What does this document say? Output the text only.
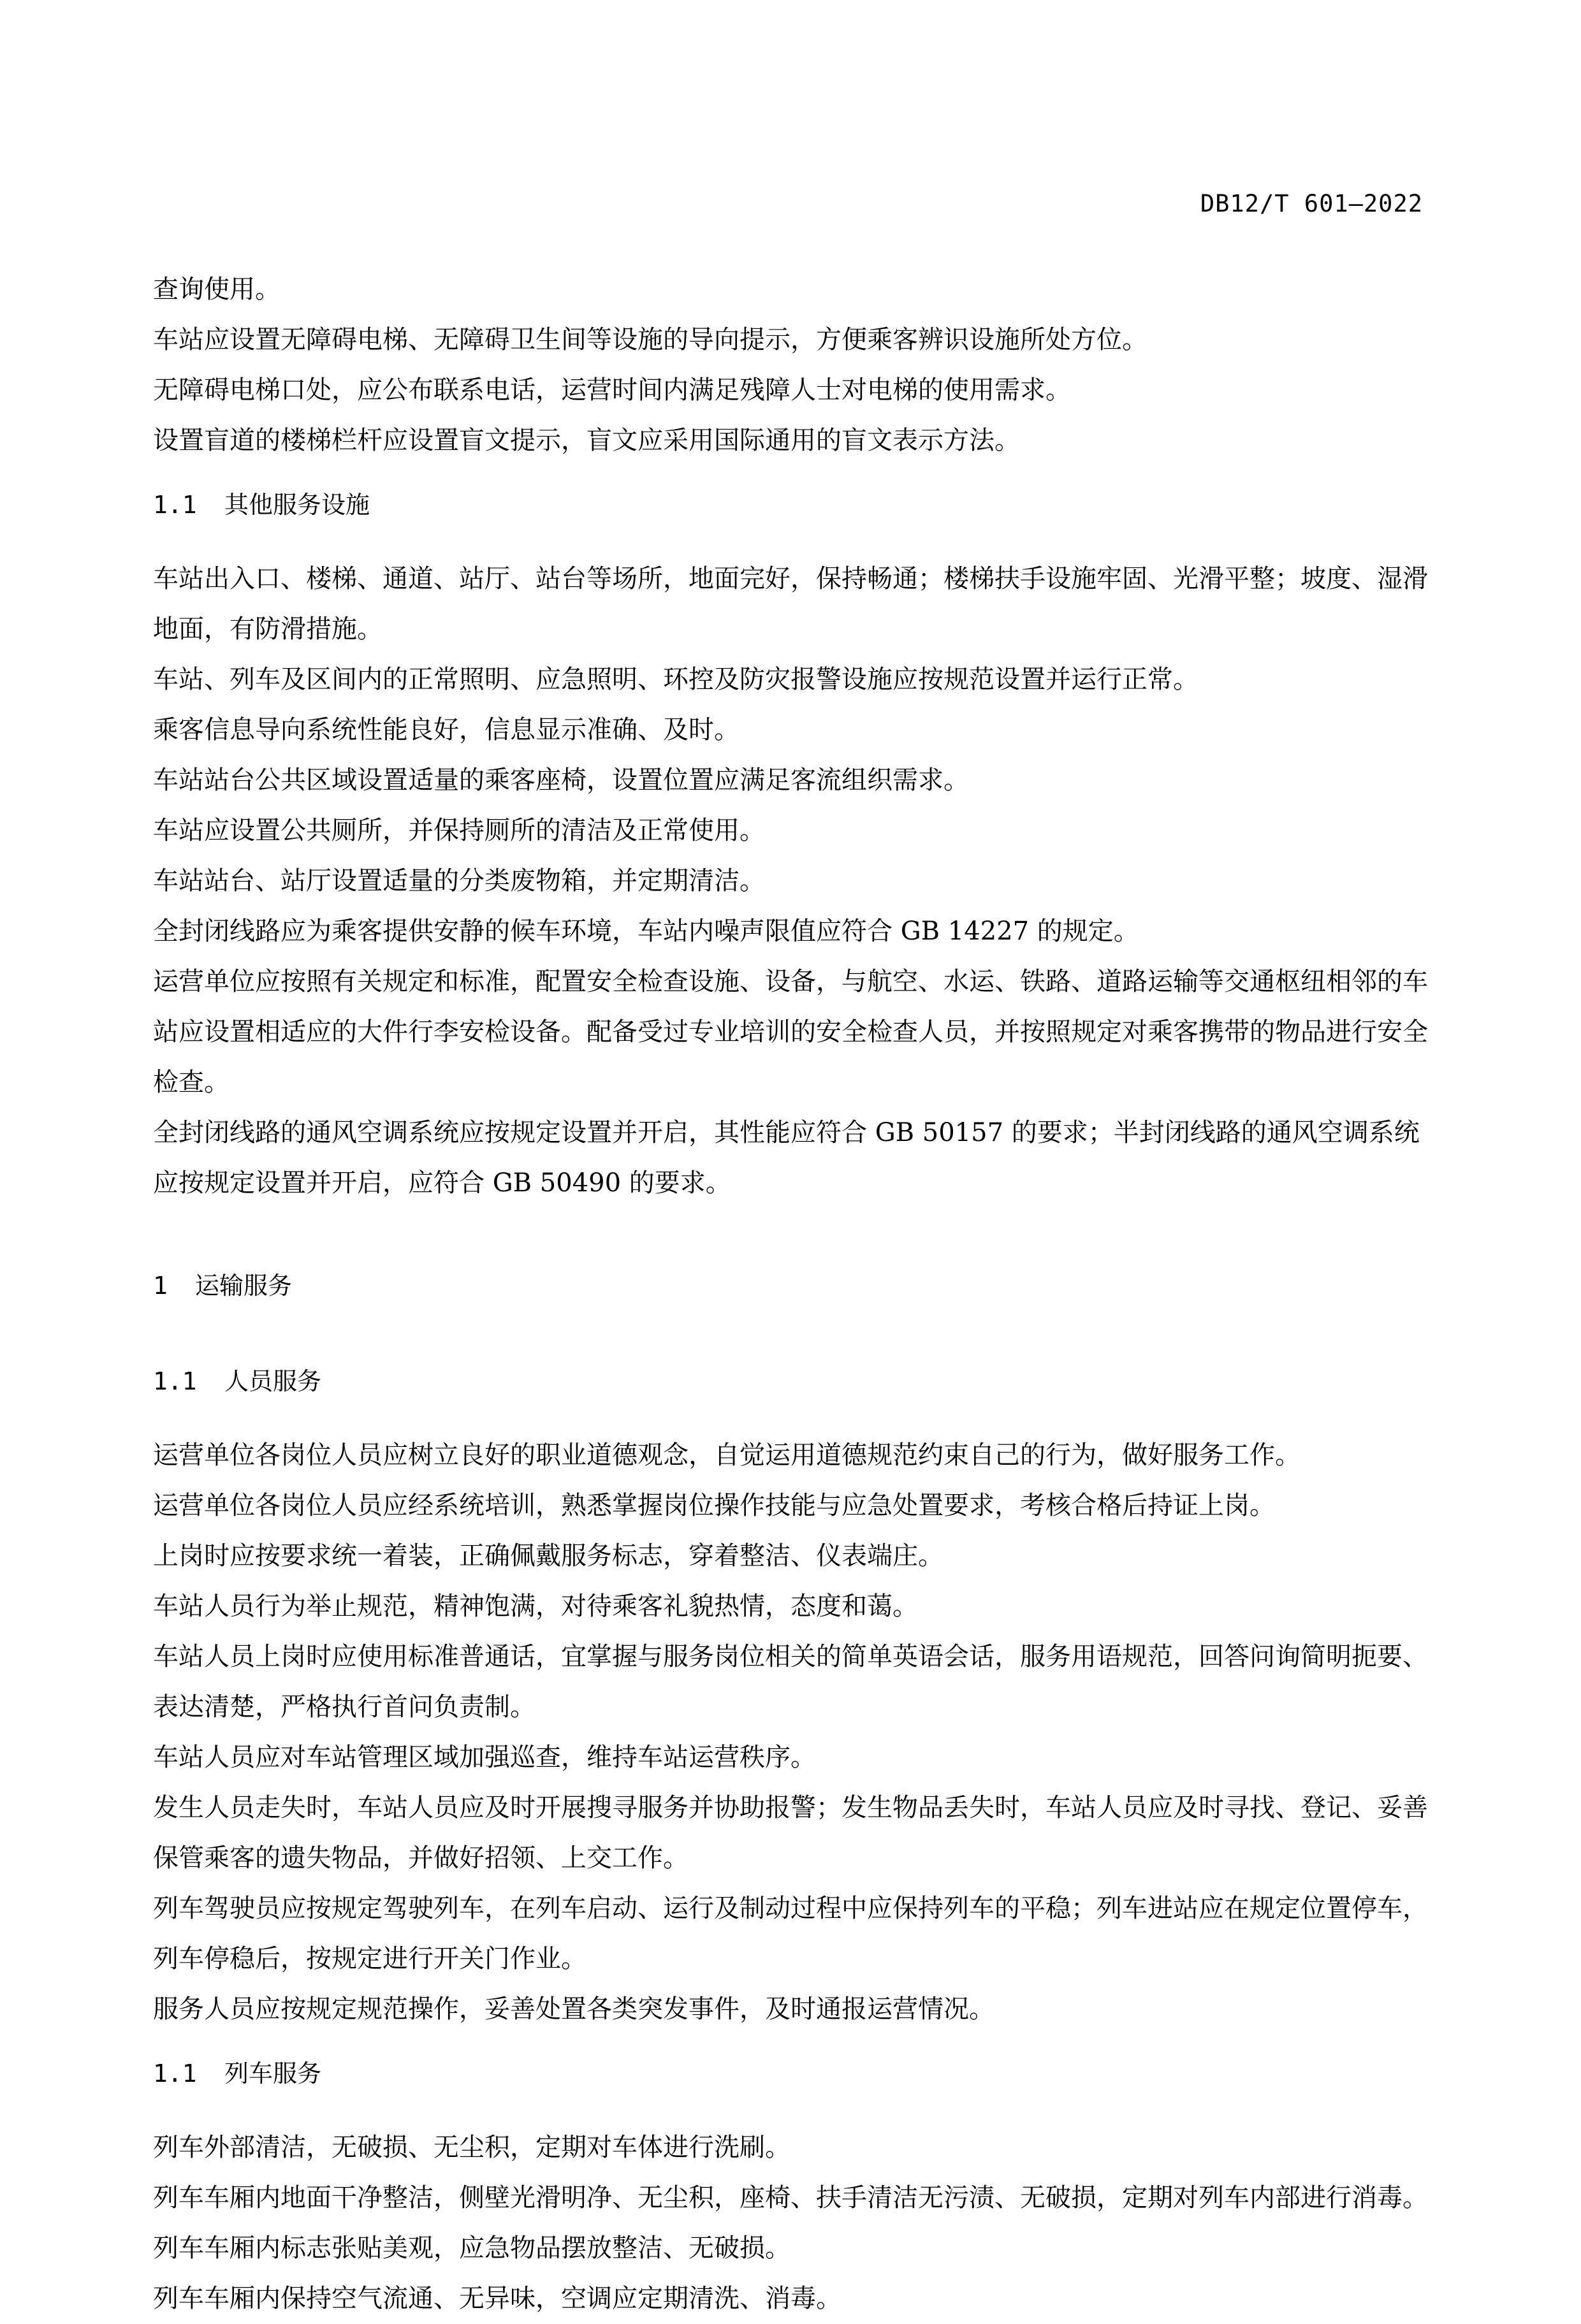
DB12/T 601—2022

查询使用。

车站应设置无障碍电梯、无障碍卫生间等设施的导向提示，方便乘客辨识设施所处方位。

无障碍电梯口处，应公布联系电话，运营时间内满足残障人士对电梯的使用需求。

设置盲道的楼梯栏杆应设置盲文提示，盲文应采用国际通用的盲文表示方法。

1.1	其他服务设施

车站出入口、楼梯、通道、站厅、站台等场所，地面完好，保持畅通；楼梯扶手设施牢固、光滑平整；坡度、湿滑地面，有防滑措施。

车站、列车及区间内的正常照明、应急照明、环控及防灾报警设施应按规范设置并运行正常。

乘客信息导向系统性能良好，信息显示准确、及时。

车站站台公共区域设置适量的乘客座椅，设置位置应满足客流组织需求。

车站应设置公共厕所，并保持厕所的清洁及正常使用。

车站站台、站厅设置适量的分类废物箱，并定期清洁。

全封闭线路应为乘客提供安静的候车环境，车站内噪声限值应符合 GB 14227 的规定。

运营单位应按照有关规定和标准，配置安全检查设施、设备，与航空、水运、铁路、道路运输等交通枢纽相邻的车站应设置相适应的大件行李安检设备。配备受过专业培训的安全检查人员，并按照规定对乘客携带的物品进行安全检查。

全封闭线路的通风空调系统应按规定设置并开启，其性能应符合 GB 50157 的要求；半封闭线路的通风空调系统应按规定设置并开启，应符合 GB 50490 的要求。

1	运输服务
1.1	人员服务

运营单位各岗位人员应树立良好的职业道德观念，自觉运用道德规范约束自己的行为，做好服务工作。

运营单位各岗位人员应经系统培训，熟悉掌握岗位操作技能与应急处置要求，考核合格后持证上岗。

上岗时应按要求统一着装，正确佩戴服务标志，穿着整洁、仪表端庄。

车站人员行为举止规范，精神饱满，对待乘客礼貌热情，态度和蔼。

车站人员上岗时应使用标准普通话，宜掌握与服务岗位相关的简单英语会话，服务用语规范，回答问询简明扼要、表达清楚，严格执行首问负责制。

车站人员应对车站管理区域加强巡查，维持车站运营秩序。

发生人员走失时，车站人员应及时开展搜寻服务并协助报警；发生物品丢失时，车站人员应及时寻找、登记、妥善保管乘客的遗失物品，并做好招领、上交工作。

列车驾驶员应按规定驾驶列车，在列车启动、运行及制动过程中应保持列车的平稳；列车进站应在规定位置停车，列车停稳后，按规定进行开关门作业。

服务人员应按规定规范操作，妥善处置各类突发事件，及时通报运营情况。

1.1	列车服务

列车外部清洁，无破损、无尘积，定期对车体进行洗刷。

列车车厢内地面干净整洁，侧壁光滑明净、无尘积，座椅、扶手清洁无污渍、无破损，定期对列车内部进行消毒。

列车车厢内标志张贴美观，应急物品摆放整洁、无破损。

列车车厢内保持空气流通、无异味，空调应定期清洗、消毒。
